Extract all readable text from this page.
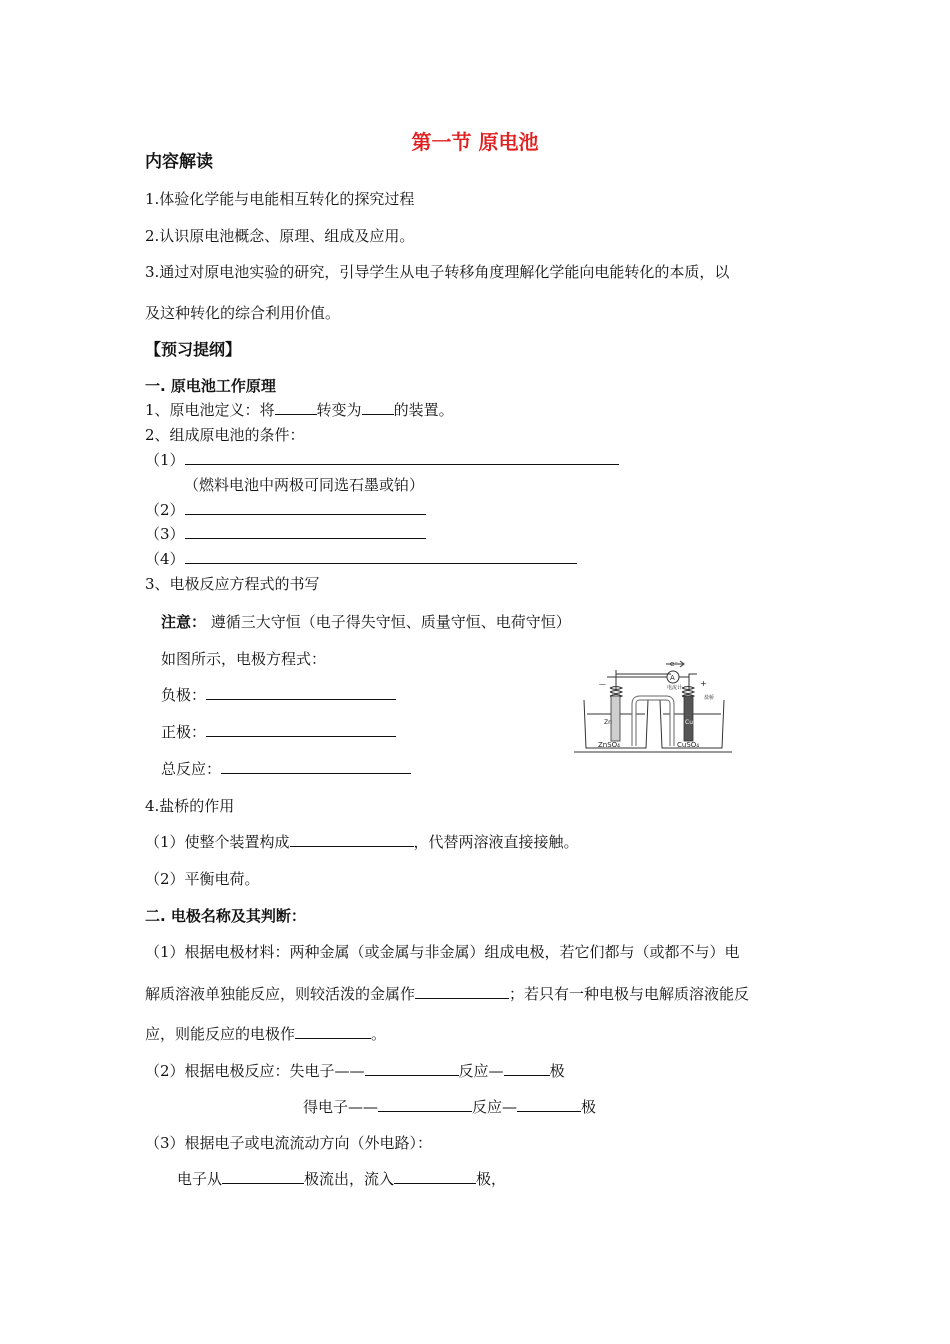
第一节 原电池
内容解读
1.体验化学能与电能相互转化的探究过程
2.认识原电池概念、原理、组成及应用。
3.通过对原电池实验的研究，引导学生从电子转移角度理解化学能向电能转化的本质，以
及这种转化的综合利用价值。
【预习提纲】
一. 原电池工作原理
1、原电池定义：将	转变为 的装置。
2、组成原电池的条件：
（1）
（燃料电池中两极可同选石墨或铂）
（2）
（3）
（4）
3、电极反应方程式的书写
注意： 遵循三大守恒（电子得失守恒、质量守恒、电荷守恒）
如图所示，电极方程式：
负极：
正极：
总反应：
e⁻
A
电流计
—	+
盐桥
Zn	Cu
ZnSO₄	CuSO₄
4.盐桥的作用
（1）使整个装置构成	，代替两溶液直接接触。
（2）平衡电荷。
二. 电极名称及其判断：
（1）根据电极材料：两种金属（或金属与非金属）组成电极，若它们都与（或都不与）电
解质溶液单独能反应，则较活泼的金属作	；若只有一种电极与电解质溶液能反
应，则能反应的电极作	。
（2）根据电极反应：失电子——	反应—	极
得电子——	反应—	极
（3）根据电子或电流流动方向（外电路）：
电子从	极流出，流入	极，
